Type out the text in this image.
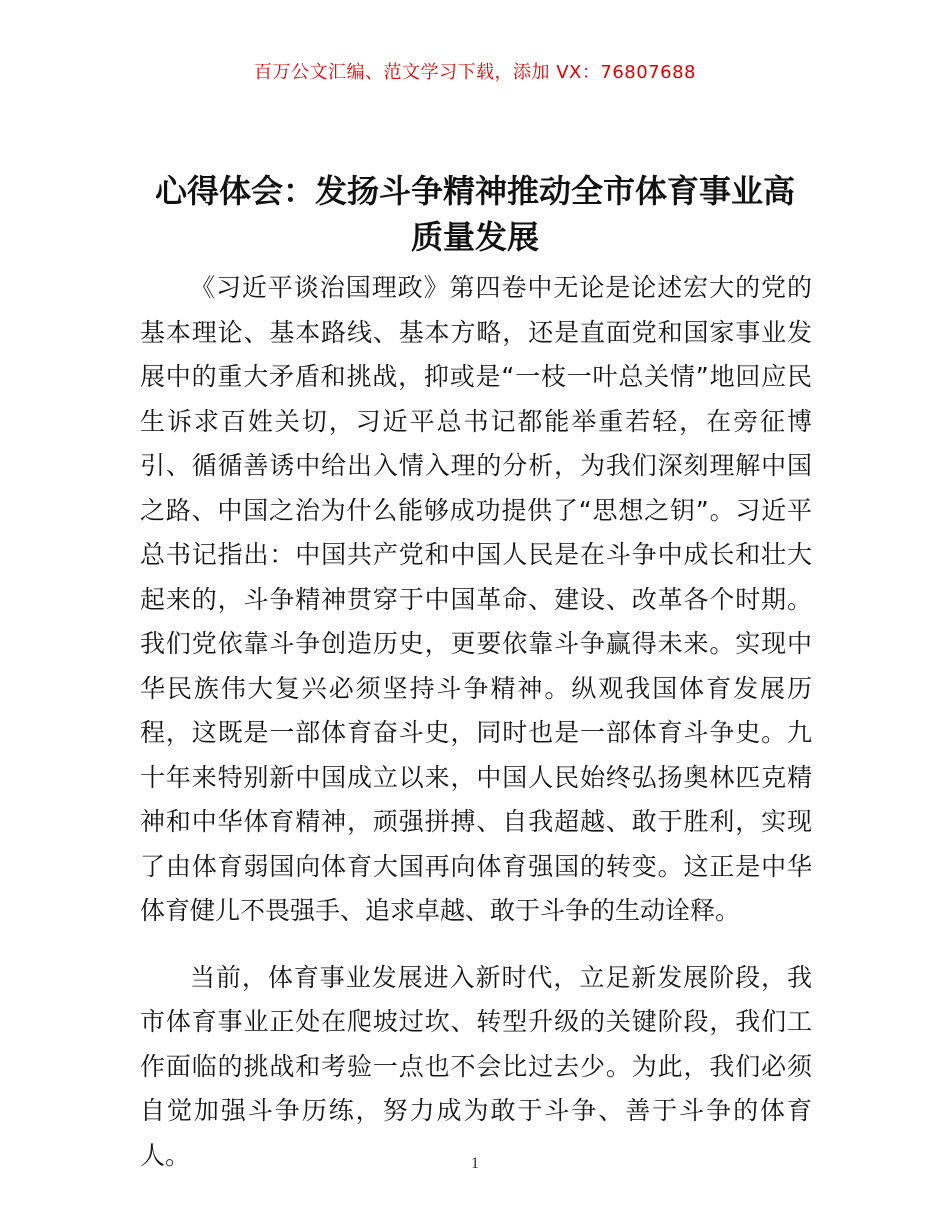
百万公文汇编、范文学习下载，添加 VX：76807688
心得体会：发扬斗争精神推动全市体育事业高质量发展

《习近平谈治国理政》第四卷中无论是论述宏大的党的基本理论、基本路线、基本方略，还是直面党和国家事业发展中的重大矛盾和挑战，抑或是“一枝一叶总关情”地回应民生诉求百姓关切，习近平总书记都能举重若轻，在旁征博引、循循善诱中给出入情入理的分析，为我们深刻理解中国之路、中国之治为什么能够成功提供了“思想之钥”。习近平总书记指出：中国共产党和中国人民是在斗争中成长和壮大起来的，斗争精神贯穿于中国革命、建设、改革各个时期。我们党依靠斗争创造历史，更要依靠斗争赢得未来。实现中华民族伟大复兴必须坚持斗争精神。纵观我国体育发展历程，这既是一部体育奋斗史，同时也是一部体育斗争史。九十年来特别新中国成立以来，中国人民始终弘扬奥林匹克精神和中华体育精神，顽强拼搏、自我超越、敢于胜利，实现了由体育弱国向体育大国再向体育强国的转变。这正是中华体育健儿不畏强手、追求卓越、敢于斗争的生动诠释。

当前，体育事业发展进入新时代，立足新发展阶段，我市体育事业正处在爬坡过坎、转型升级的关键阶段，我们工作面临的挑战和考验一点也不会比过去少。为此，我们必须自觉加强斗争历练，努力成为敢于斗争、善于斗争的体育人。	1
